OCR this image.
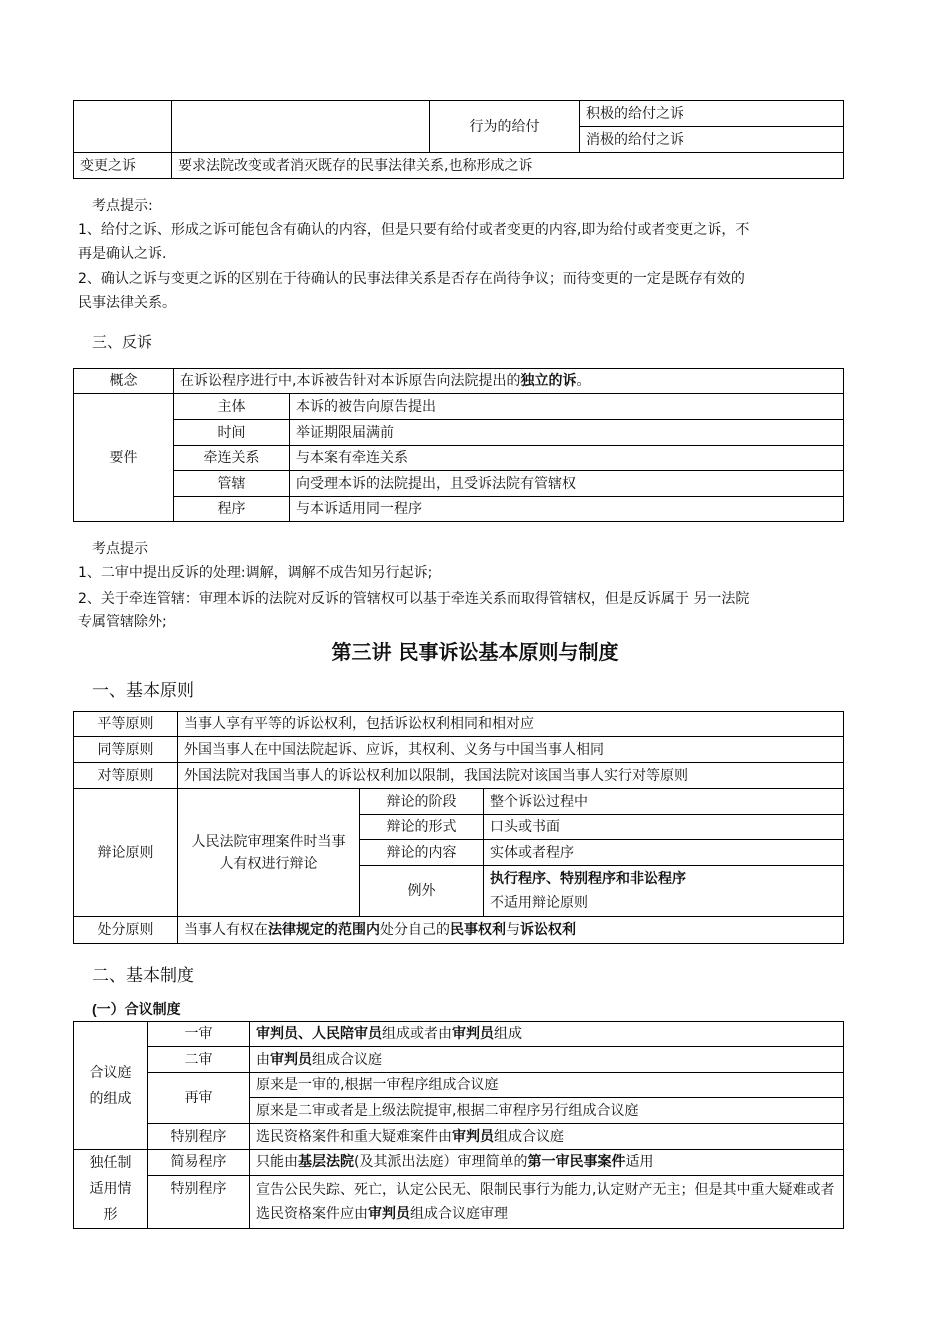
		行为的给付	积极的给付之诉
			消极的给付之诉
变更之诉	要求法院改变或者消灭既存的民事法律关系,也称形成之诉		
考点提示:
1、给付之诉、形成之诉可能包含有确认的内容，但是只要有给付或者变更的内容,即为给付或者变更之诉，不
再是确认之诉.
2、确认之诉与变更之诉的区别在于待确认的民事法律关系是否存在尚待争议；而待变更的一定是既存有效的
民事法律关系。
三、反诉
概念	在诉讼程序进行中,本诉被告针对本诉原告向法院提出的独立的诉。	
要件	主体	本诉的被告向原告提出
	时间	举证期限届满前
	牵连关系	与本案有牵连关系
	管辖	向受理本诉的法院提出，且受诉法院有管辖权
	程序	与本诉适用同一程序
考点提示
1、二审中提出反诉的处理:调解，调解不成告知另行起诉;
2、关于牵连管辖：审理本诉的法院对反诉的管辖权可以基于牵连关系而取得管辖权，但是反诉属于 另一法院
专属管辖除外;
第三讲 民事诉讼基本原则与制度
一、基本原则
平等原则	当事人享有平等的诉讼权利，包括诉讼权利相同和相对应		
同等原则	外国当事人在中国法院起诉、应诉，其权利、义务与中国当事人相同		
对等原则	外国法院对我国当事人的诉讼权利加以限制，我国法院对该国当事人实行对等原则		
辩论原则	人民法院审理案件时当事人有权进行辩论	辩论的阶段	整个诉讼过程中
		辩论的形式	口头或书面
		辩论的内容	实体或者程序
		例外	执行程序、特别程序和非讼程序
不适用辩论原则
处分原则	当事人有权在法律规定的范围内处分自己的民事权利与诉讼权利		
二、基本制度
(一）合议制度
合议庭的组成	一审	审判员、人民陪审员组成或者由审判员组成
	二审	由审判员组成合议庭
	再审	原来是一审的,根据一审程序组成合议庭
		原来是二审或者是上级法院提审,根据二审程序另行组成合议庭
	特别程序	选民资格案件和重大疑难案件由审判员组成合议庭
独任制适用情形	简易程序	只能由基层法院(及其派出法庭）审理简单的第一审民事案件适用
	特别程序	宣告公民失踪、死亡，认定公民无、限制民事行为能力,认定财产无主；但是其中重大疑难或者选民资格案件应由审判员组成合议庭审理
